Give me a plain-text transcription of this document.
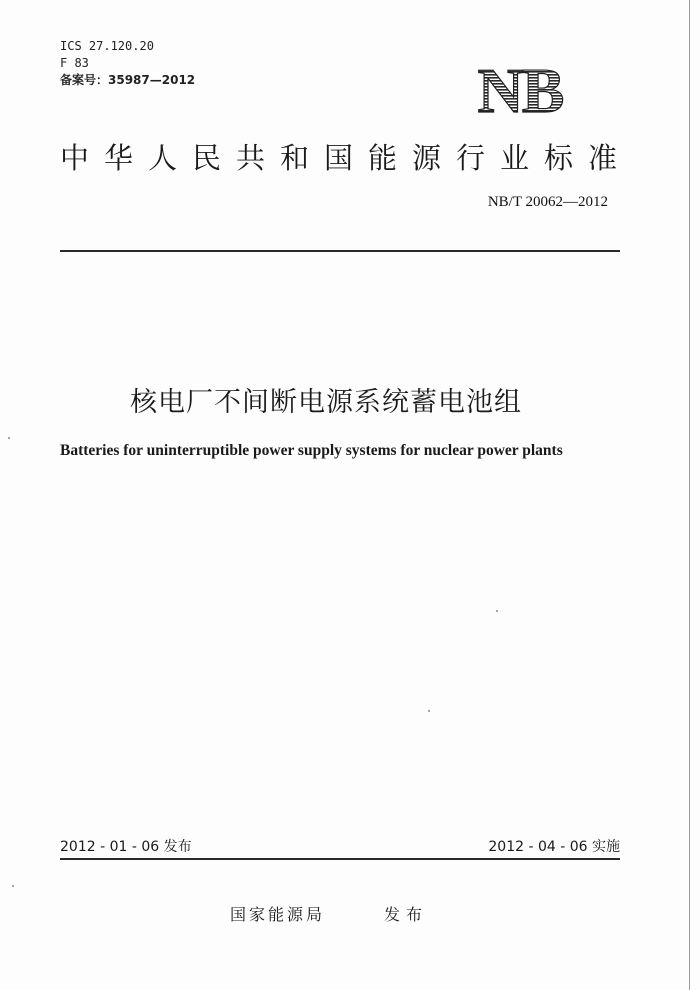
ICS 27.120.20
F 83
备案号：35987—2012	NB
中华人民共和国能源行业标准
NB/T 20062—2012
核电厂不间断电源系统蓄电池组
Batteries for uninterruptible power supply systems for nuclear power plants
2012 - 01 - 06 发布	2012 - 04 - 06 实施
国家能源局	发布
